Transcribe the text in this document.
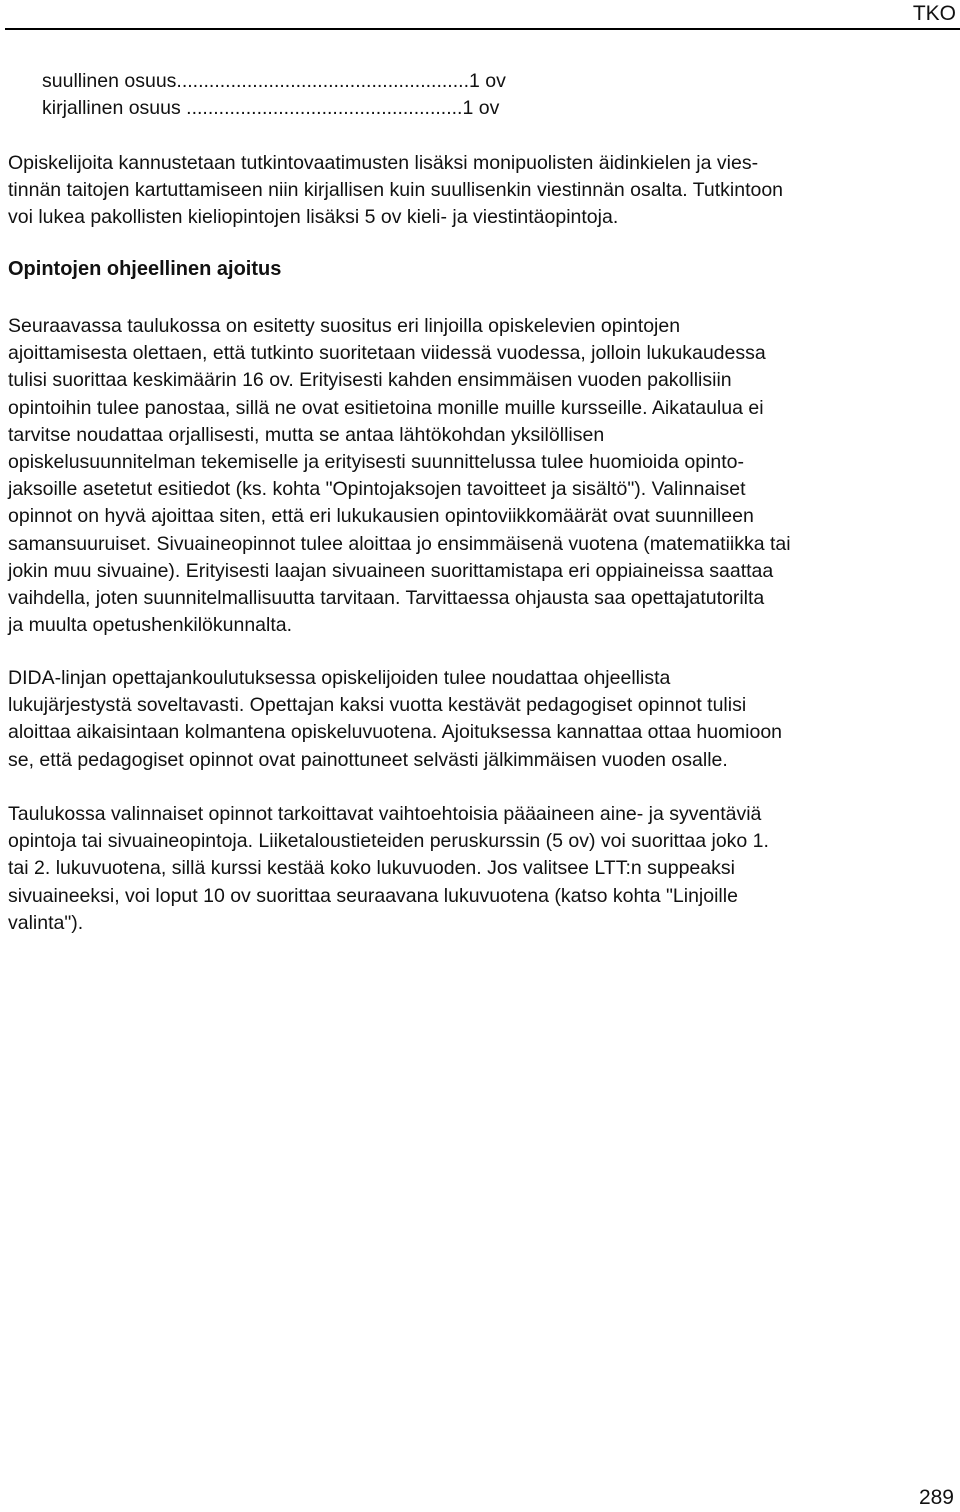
TKO
suullinen osuus......................................................1 ov
kirjallinen osuus ...................................................1 ov
Opiskelijoita kannustetaan tutkintovaatimusten lisäksi monipuolisten äidinkielen ja vies-
tinnän taitojen kartuttamiseen niin kirjallisen kuin suullisenkin viestinnän osalta. Tutkintoon
voi lukea pakollisten kieliopintojen lisäksi 5 ov kieli- ja viestintäopintoja.
Opintojen ohjeellinen ajoitus
Seuraavassa taulukossa on esitetty suositus eri linjoilla opiskelevien opintojen
ajoittamisesta olettaen, että tutkinto suoritetaan viidessä vuodessa, jolloin lukukaudessa
tulisi suorittaa keskimäärin 16 ov. Erityisesti kahden ensimmäisen vuoden pakollisiin
opintoihin tulee panostaa, sillä ne ovat esitietoina monille muille kursseille. Aikataulua ei
tarvitse noudattaa orjallisesti, mutta se antaa lähtökohdan yksilöllisen
opiskelusuunnitelman tekemiselle ja erityisesti suunnittelussa tulee huomioida opinto-
jaksoille asetetut esitiedot (ks. kohta "Opintojaksojen tavoitteet ja sisältö"). Valinnaiset
opinnot on hyvä ajoittaa siten, että eri lukukausien opintoviikkomäärät ovat suunnilleen
samansuuruiset. Sivuaineopinnot tulee aloittaa jo ensimmäisenä vuotena (matematiikka tai
jokin muu sivuaine). Erityisesti laajan sivuaineen suorittamistapa eri oppiaineissa saattaa
vaihdella, joten suunnitelmallisuutta tarvitaan. Tarvittaessa ohjausta saa opettajatutorilta
ja muulta opetushenkilökunnalta.
DIDA-linjan opettajankoulutuksessa opiskelijoiden tulee noudattaa ohjeellista
lukujärjestystä soveltavasti. Opettajan kaksi vuotta kestävät pedagogiset opinnot tulisi
aloittaa aikaisintaan kolmantena opiskeluvuotena. Ajoituksessa kannattaa ottaa huomioon
se, että pedagogiset opinnot ovat painottuneet selvästi jälkimmäisen vuoden osalle.
Taulukossa valinnaiset opinnot tarkoittavat vaihtoehtoisia pääaineen aine- ja syventäviä
opintoja tai sivuaineopintoja. Liiketaloustieteiden peruskurssin (5 ov) voi suorittaa joko 1.
tai 2. lukuvuotena, sillä kurssi kestää koko lukuvuoden. Jos valitsee LTT:n suppeaksi
sivuaineeksi, voi loput 10 ov suorittaa seuraavana lukuvuotena (katso kohta "Linjoille
valinta").
289
